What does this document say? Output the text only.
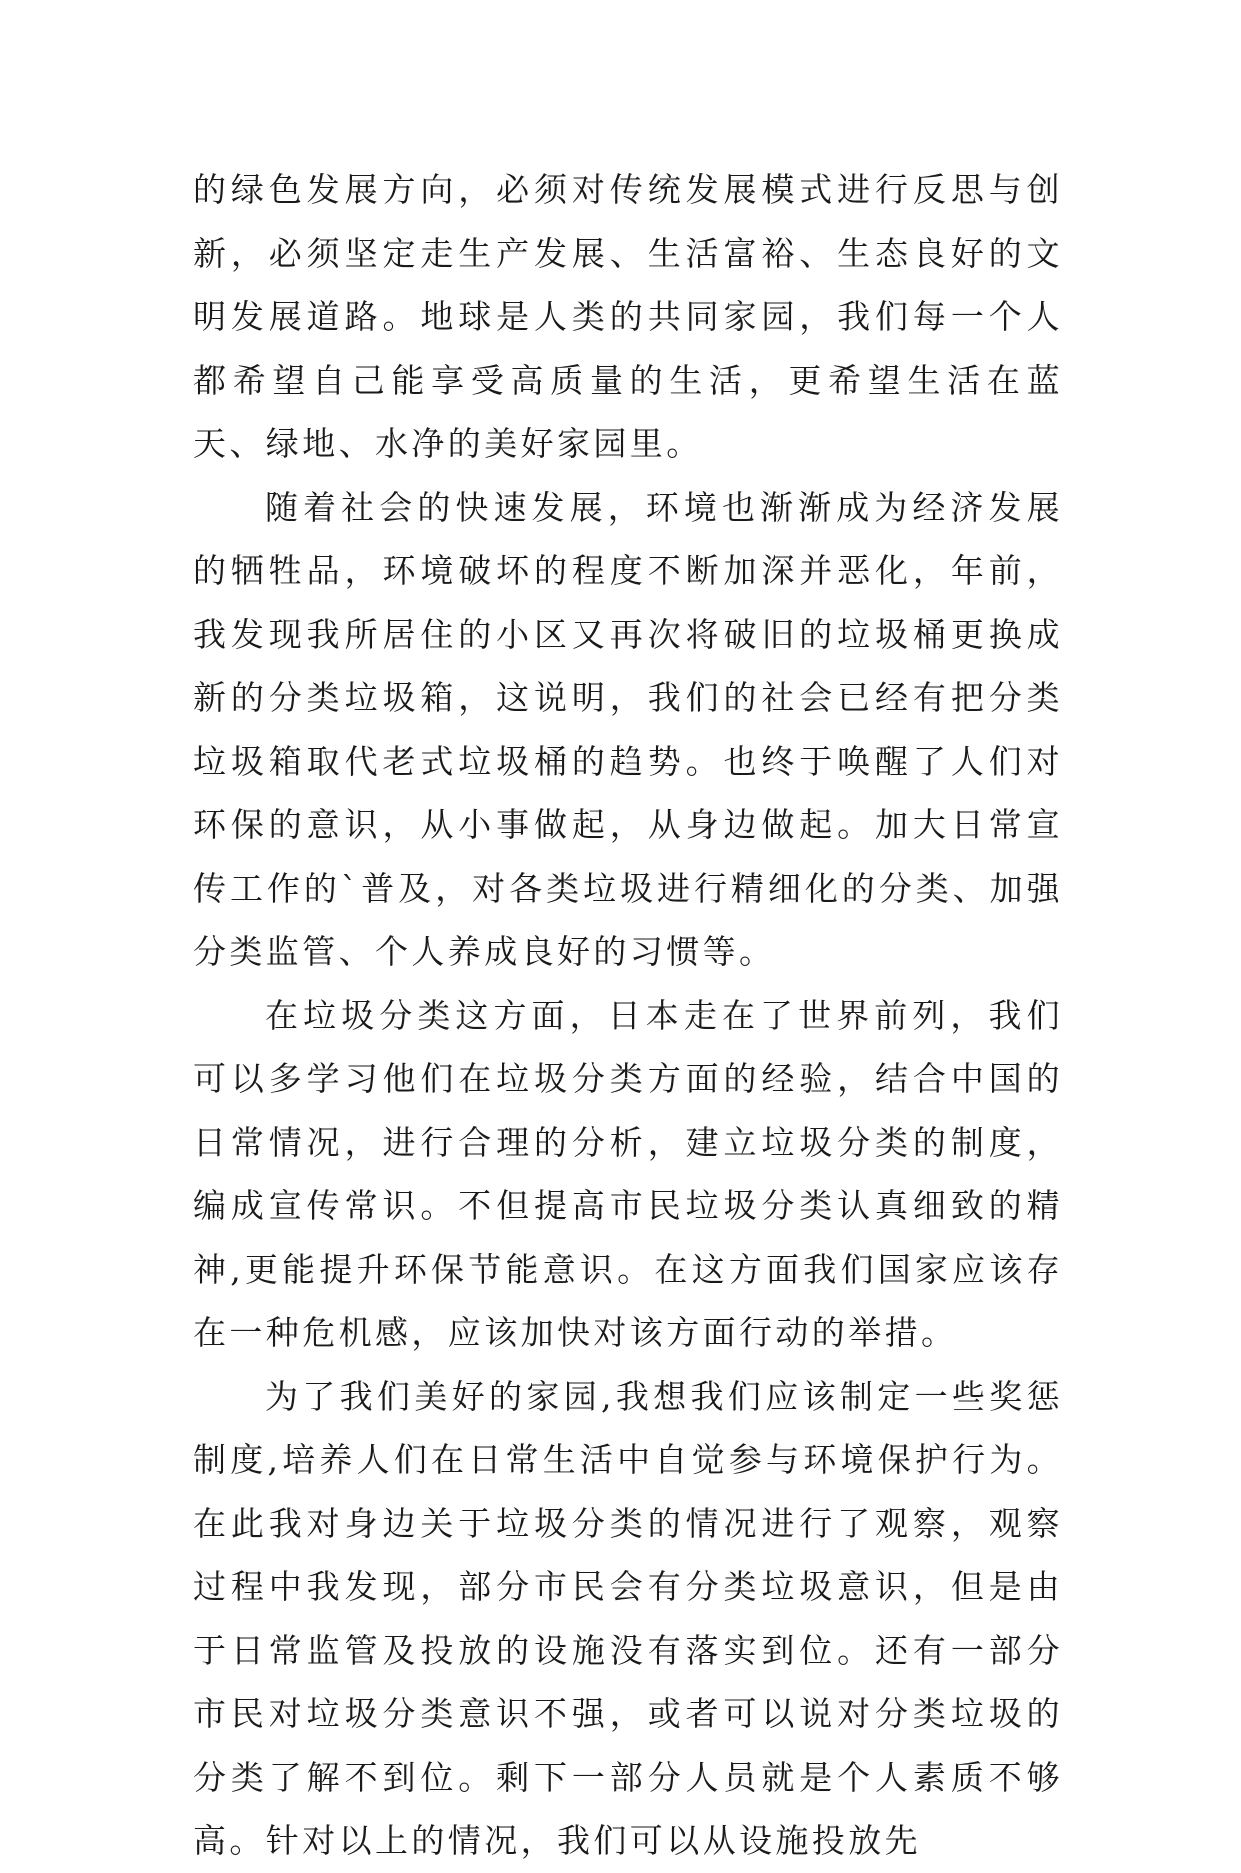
的绿色发展方向，必须对传统发展模式进行反思与创新，必须坚定走生产发展、生活富裕、生态良好的文明发展道路。地球是人类的共同家园，我们每一个人都希望自己能享受高质量的生活，更希望生活在蓝天、绿地、水净的美好家园里。

随着社会的快速发展，环境也渐渐成为经济发展的牺牲品，环境破坏的程度不断加深并恶化，年前，我发现我所居住的小区又再次将破旧的垃圾桶更换成新的分类垃圾箱，这说明，我们的社会已经有把分类垃圾箱取代老式垃圾桶的趋势。也终于唤醒了人们对环保的意识，从小事做起，从身边做起。加大日常宣传工作的`普及，对各类垃圾进行精细化的分类、加强分类监管、个人养成良好的习惯等。

在垃圾分类这方面，日本走在了世界前列，我们可以多学习他们在垃圾分类方面的经验，结合中国的日常情况，进行合理的分析，建立垃圾分类的制度，编成宣传常识。不但提高市民垃圾分类认真细致的精神,更能提升环保节能意识。在这方面我们国家应该存在一种危机感，应该加快对该方面行动的举措。

为了我们美好的家园,我想我们应该制定一些奖惩制度,培养人们在日常生活中自觉参与环境保护行为。在此我对身边关于垃圾分类的情况进行了观察，观察过程中我发现，部分市民会有分类垃圾意识，但是由于日常监管及投放的设施没有落实到位。还有一部分市民对垃圾分类意识不强，或者可以说对分类垃圾的分类了解不到位。剩下一部分人员就是个人素质不够高。针对以上的情况，我们可以从设施投放先
